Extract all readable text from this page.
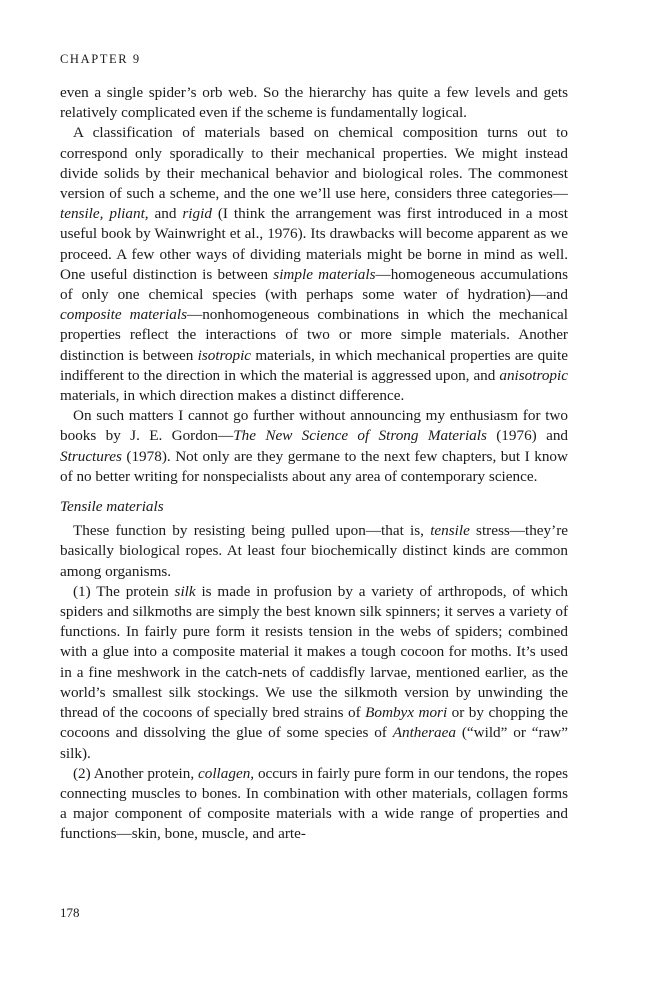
CHAPTER 9

even a single spider’s orb web. So the hierarchy has quite a few levels and gets relatively complicated even if the scheme is fundamentally logical.

A classification of materials based on chemical composition turns out to correspond only sporadically to their mechanical properties. We might instead divide solids by their mechanical behavior and biological roles. The commonest version of such a scheme, and the one we’ll use here, considers three categories—tensile, pliant, and rigid (I think the arrangement was first introduced in a most useful book by Wainwright et al., 1976). Its drawbacks will become apparent as we proceed. A few other ways of dividing materials might be borne in mind as well. One useful distinction is between simple materials—homogeneous accumulations of only one chemical species (with perhaps some water of hydration)—and composite materials—nonhomogeneous combinations in which the mechanical properties reflect the interactions of two or more simple materials. Another distinction is between isotropic materials, in which mechanical properties are quite indifferent to the direction in which the material is aggressed upon, and anisotropic materials, in which direction makes a distinct difference.

On such matters I cannot go further without announcing my enthusiasm for two books by J. E. Gordon—The New Science of Strong Materials (1976) and Structures (1978). Not only are they germane to the next few chapters, but I know of no better writing for nonspecialists about any area of contemporary science.

Tensile materials

These function by resisting being pulled upon—that is, tensile stress—they’re basically biological ropes. At least four biochemically distinct kinds are common among organisms.

(1) The protein silk is made in profusion by a variety of arthropods, of which spiders and silkmoths are simply the best known silk spinners; it serves a variety of functions. In fairly pure form it resists tension in the webs of spiders; combined with a glue into a composite material it makes a tough cocoon for moths. It’s used in a fine meshwork in the catch-nets of caddisfly larvae, mentioned earlier, as the world’s smallest silk stockings. We use the silkmoth version by unwinding the thread of the cocoons of specially bred strains of Bombyx mori or by chopping the cocoons and dissolving the glue of some species of Antheraea (“wild” or “raw” silk).

(2) Another protein, collagen, occurs in fairly pure form in our tendons, the ropes connecting muscles to bones. In combination with other materials, collagen forms a major component of composite materials with a wide range of properties and functions—skin, bone, muscle, and arte-

178
